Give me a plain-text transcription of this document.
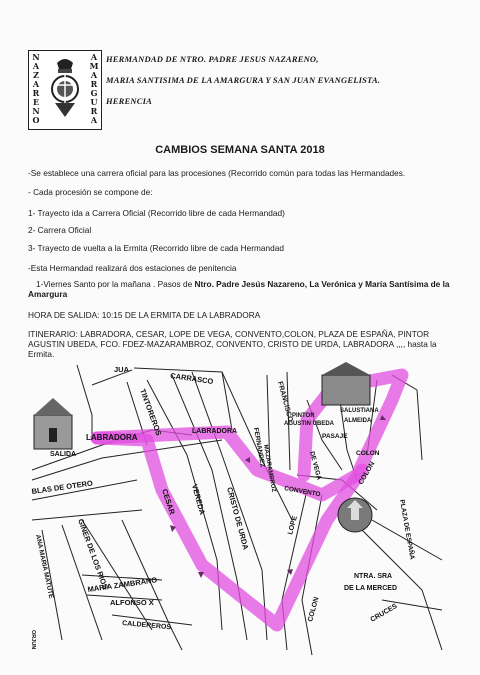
N
A
Z
A
R
E
N
O
A
M
A
R
G
U
R
A
HERMANDAD DE NTRO. PADRE JESUS NAZARENO,
MARIA SANTISIMA DE LA AMARGURA Y SAN JUAN EVANGELISTA.
HERENCIA
CAMBIOS SEMANA SANTA 2018
-Se establece una carrera oficial para las procesiones (Recorrido común para todas las Hermandades.
- Cada procesión se compone de:
1- Trayecto ida a Carrera Oficial (Recorrido libre de cada Hermandad)
2- Carrera Oficial
3- Trayecto de vuelta a la Ermita (Recorrido libre de cada Hermandad
-Esta Hermandad realizará dos estaciones de penitencia
1-Viernes Santo por la mañana . Pasos de Ntro. Padre Jesús Nazareno, La Verónica y María Santísima de la Amargura
HORA DE SALIDA: 10:15 DE LA ERMITA DE LA LABRADORA
ITINERARIO: LABRADORA, CESAR, LOPE DE VEGA, CONVENTO,COLON, PLAZA DE ESPAÑA, PINTOR AGUSTIN UBEDA, FCO. FDEZ-MAZARAMBROZ, CONVENTO, CRISTO DE URDA, LABRADORA ,,,, hasta la Ermita.
JUA
CARRASCO
TINTOREROS
LABRADORA
LABRADORA
SALIDA
FRANCISCO
PINTOR
AGUSTIN UBEDA
SALUSTIANA
ALMEIDA
PASAJE
COLON
FERNANDEZ
MAZARAMBROZ	DE VEGA
CONVENTO
COLON
BLAS DE OTERO
CESAR VEREDA CRISTO DE URDA	LOPE
GINER DE LOS RIOS
ANA MARIA MATUTE	MARIA ZAMBRANO
ALFONSO X
CALDEREROS
COLON
NTRA. SRA
DE LA MERCED
CRUCES
PLAZA DE ESPAÑA
ORJUN
